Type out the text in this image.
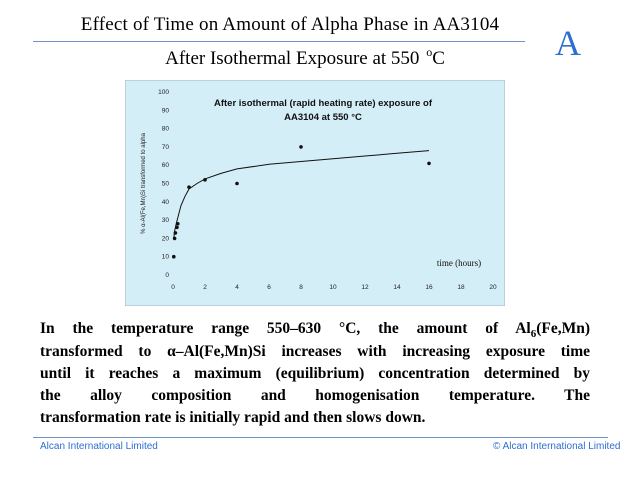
Effect of Time on Amount of Alpha Phase in AA3104
After Isothermal Exposure at 550 $^o$C	A
0
10
20
30
40
50
60
70
80
90
100
0	2	4	6	8	10	12	14	16	18	20
After isothermal (rapid heating rate) exposure of
AA3104 at 550 °C
time (hours)
% α-Al(Fe,Mn)Si transformed to alpha
In the temperature range 550–630 °C, the amount of $Al_6(Fe,Mn)$
transformed to α–Al(Fe,Mn)Si increases with increasing exposure time
until it reaches a maximum (equilibrium) concentration determined by
the alloy composition and homogenisation temperature. The
transformation rate is initially rapid and then slows down.
Alcan International Limited	© Alcan International Limited
